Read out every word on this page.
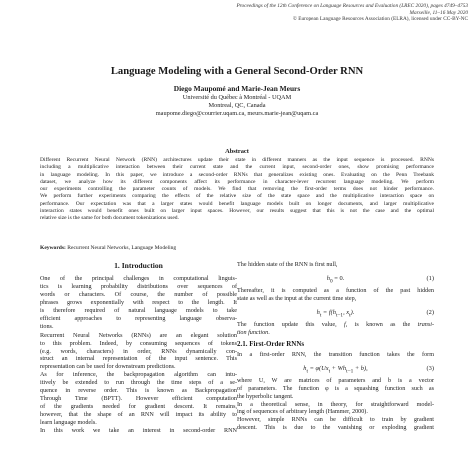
Proceedings of the 12th Conference on Language Resources and Evaluation (LREC 2020), pages 4749–4753
Marseille, 11–16 May 2020
© European Language Resources Association (ELRA), licensed under CC-BY-NC
Language Modeling with a General Second-Order RNN
Diego Maupomé and Marie-Jean Meurs
Université du Québec à Montréal - UQAM
Montreal, QC, Canada
maupome.diego@courrier.uqam.ca, meurs.marie-jean@uqam.ca
Abstract
Different Recurrent Neural Network (RNN) architectures update their state in different manners as the input sequence is processed. RNNs
including a multiplicative interaction between their current state and the current input, second-order ones, show promising performance
in language modeling. In this paper, we introduce a second-order RNNs that generalizes existing ones. Evaluating on the Penn Treebank
dataset, we analyze how its different components affect its performance in character-lever recurrent language modeling. We perform
our experiments controlling the parameter counts of models. We find that removing the first-order terms does not hinder performance.
We perform further experiments comparing the effects of the relative size of the state space and the multiplicative interaction space on
performance. Our expectation was that a larger states would benefit language models built on longer documents, and larger multiplicative
interaction states would benefit ones built on larger input spaces. However, our results suggest that this is not the case and the optimal
relative size is the same for both document tokenizations used.
Keywords: Recurrent Neural Networks, Language Modeling
1. Introduction
One of the principal challenges in computational linguis-
tics is learning probability distributions over sequences of
words or characters. Of course, the number of possible
phrases grows exponentially with respect to the length. It
is therefore required of natural language models to take
efficient approaches to representing language observa-
tions.
Recurrent Neural Networks (RNNs) are an elegant solution
to this problem. Indeed, by consuming sequences of tokens
(e.g. words, characters) in order, RNNs dynamically con-
struct an internal representation of the input sentence. This
representation can be used for downstream predictions.
As for inference, the backpropagation algorithm can intu-
itively be extended to run through the time steps of a se-
quence in reverse order. This is known as Backpropagation
Through Time (BPTT). However efficient computation
of the gradients needed for gradient descent. It remains,
however, that the shape of an RNN will impact its ability to
learn language models.
In this work we take an interest in second-order RNN
The hidden state of the RNN is first null,
$h_0 = 0$.	(1)
Thereafter, it is computed as a function of the past hidden
state as well as the input at the current time step,
$h_t = f(h_{t-1}$, $x_t$).	(2)
The function update this value, f, is known as the transi-
tion function.
2.1. First-Order RNNs
In a first-order RNN, the transition function takes the form
$h_t = \varphi(Ux_t + Wh_{t-1} + b)$,	(3)
where U, W are matrices of parameters and b is a vector
of parameters. The function φ is a squashing function such as
the hyperbolic tangent.
In a theoretical sense, in theory, for straightforward model-
ing of sequences of arbitrary length (Hammer, 2000).
However, simple RNNs can be difficult to train by gradient
descent. This is due to the vanishing or exploding gradient
